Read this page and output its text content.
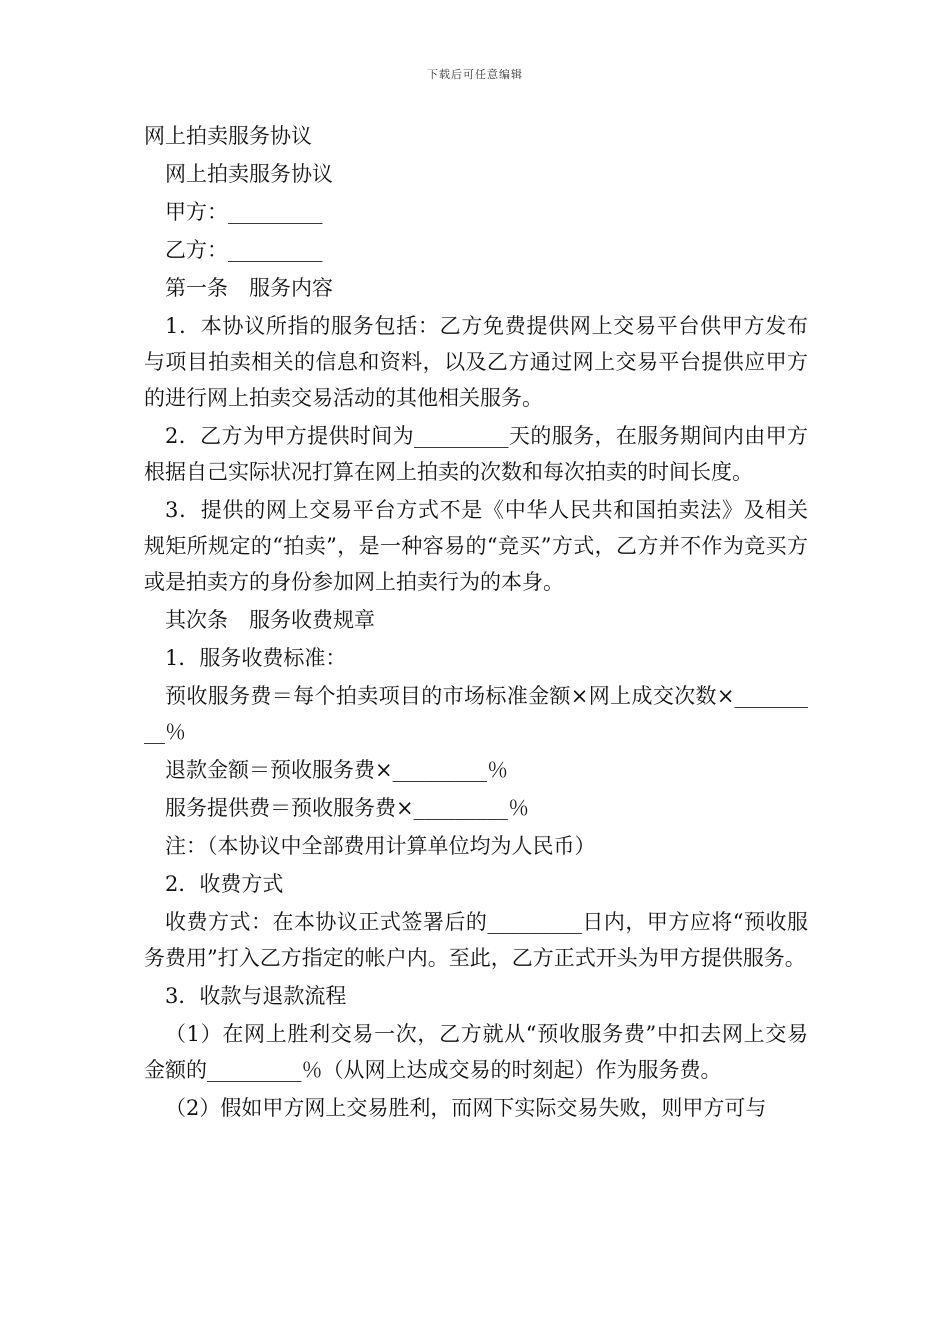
下载后可任意编辑
网上拍卖服务协议

网上拍卖服务协议

甲方：_________

乙方：_________

第一条　服务内容

1．本协议所指的服务包括：乙方免费提供网上交易平台供甲方发布与项目拍卖相关的信息和资料，以及乙方通过网上交易平台提供应甲方的进行网上拍卖交易活动的其他相关服务。

2．乙方为甲方提供时间为_________天的服务，在服务期间内由甲方根据自己实际状况打算在网上拍卖的次数和每次拍卖的时间长度。

3．提供的网上交易平台方式不是《中华人民共和国拍卖法》及相关规矩所规定的“拍卖”，是一种容易的“竞买”方式，乙方并不作为竞买方或是拍卖方的身份参加网上拍卖行为的本身。

其次条　服务收费规章

1．服务收费标准：

预收服务费＝每个拍卖项目的市场标准金额×网上成交次数×_________％

退款金额＝预收服务费×_________％

服务提供费＝预收服务费×_________％

注：（本协议中全部费用计算单位均为人民币）

2．收费方式

收费方式：在本协议正式签署后的_________日内，甲方应将“预收服务费用”打入乙方指定的帐户内。至此，乙方正式开头为甲方提供服务。

3．收款与退款流程

（1）在网上胜利交易一次，乙方就从“预收服务费”中扣去网上交易金额的_________％（从网上达成交易的时刻起）作为服务费。

（2）假如甲方网上交易胜利，而网下实际交易失败，则甲方可与
